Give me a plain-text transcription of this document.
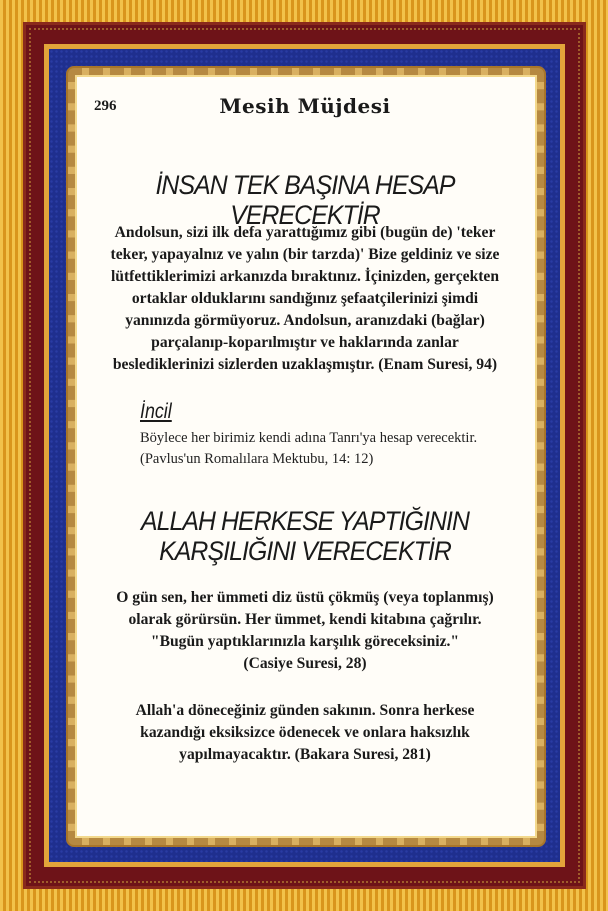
296	Mesih Müjdesi
İNSAN TEK BAŞINA HESAP VERECEKTİR
Andolsun, sizi ilk defa yarattığımız gibi (bugün de) 'teker
teker, yapayalnız ve yalın (bir tarzda)' Bize geldiniz ve size
lütfettiklerimizi arkanızda bıraktınız. İçinizden, gerçekten
ortaklar olduklarını sandığınız şefaatçilerinizi şimdi
yanınızda görmüyoruz. Andolsun, aranızdaki (bağlar)
parçalanıp-koparılmıştır ve haklarında zanlar
beslediklerinizi sizlerden uzaklaşmıştır. (Enam Suresi, 94)
İncil
Böylece her birimiz kendi adına Tanrı'ya hesap verecektir.
(Pavlus'un Romalılara Mektubu, 14: 12)
ALLAH HERKESE YAPTIĞININ
KARŞILIĞINI VERECEKTİR
O gün sen, her ümmeti diz üstü çökmüş (veya toplanmış)
olarak görürsün. Her ümmet, kendi kitabına çağrılır.
"Bugün yaptıklarınızla karşılık göreceksiniz."
(Casiye Suresi, 28)
Allah'a döneceğiniz günden sakının. Sonra herkese
kazandığı eksiksizce ödenecek ve onlara haksızlık
yapılmayacaktır. (Bakara Suresi, 281)
